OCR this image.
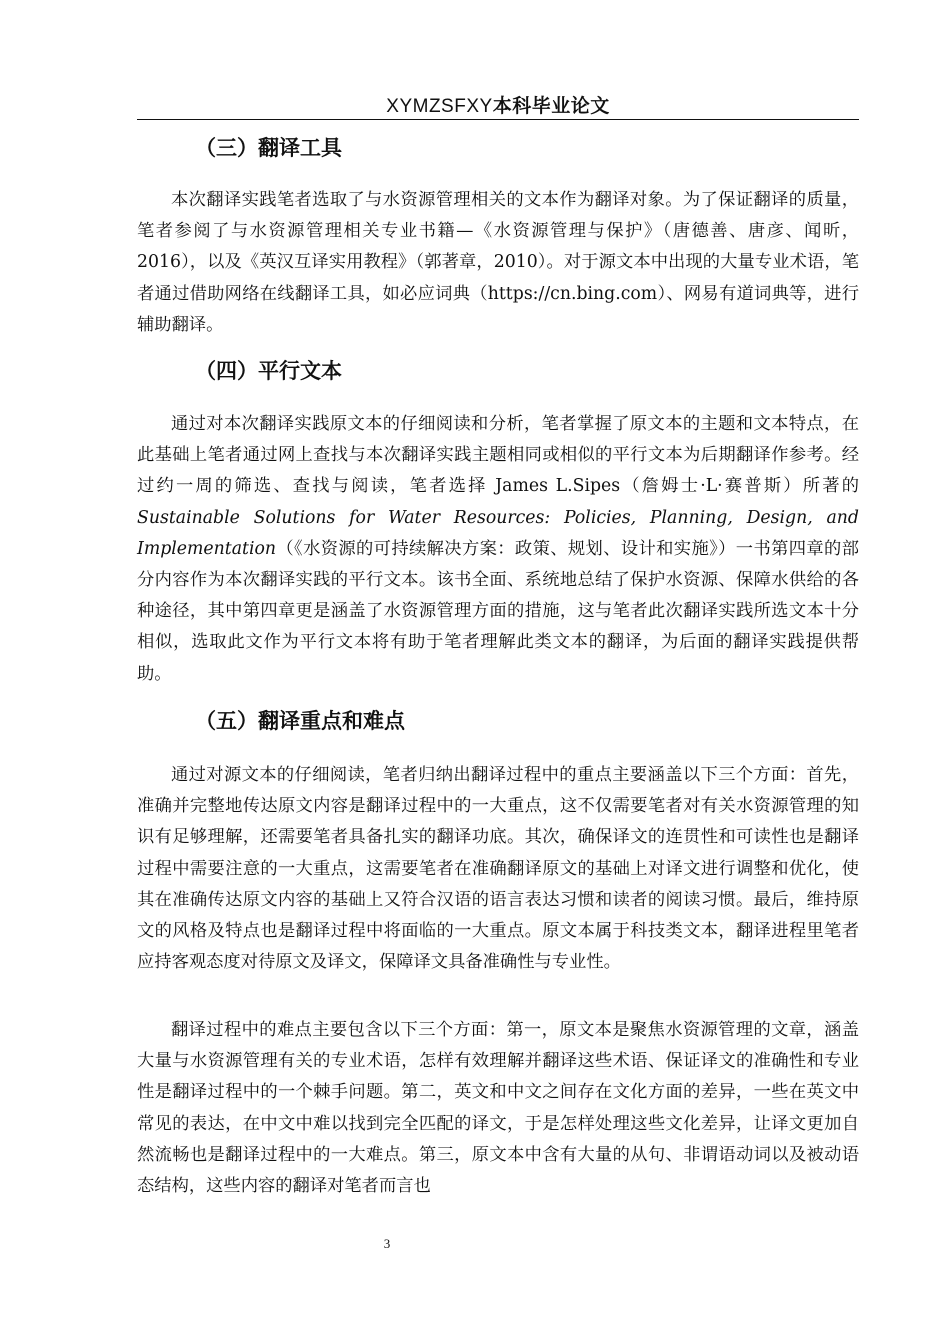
XYMZSFXY本科毕业论文
（三）翻译工具

本次翻译实践笔者选取了与水资源管理相关的文本作为翻译对象。为了保证翻译的质量，笔者参阅了与水资源管理相关专业书籍—《水资源管理与保护》（唐德善、唐彦、闻昕，2016），以及《英汉互译实用教程》（郭著章，2010）。对于源文本中出现的大量专业术语，笔者通过借助网络在线翻译工具，如必应词典（https://cn.bing.com）、网易有道词典等，进行辅助翻译。

（四）平行文本

通过对本次翻译实践原文本的仔细阅读和分析，笔者掌握了原文本的主题和文本特点，在此基础上笔者通过网上查找与本次翻译实践主题相同或相似的平行文本为后期翻译作参考。经过约一周的筛选、查找与阅读，笔者选择 James L.Sipes（詹姆士·L·赛普斯）所著的 Sustainable Solutions for Water Resources: Policies, Planning, Design, and Implementation（《水资源的可持续解决方案：政策、规划、设计和实施》）一书第四章的部分内容作为本次翻译实践的平行文本。该书全面、系统地总结了保护水资源、保障水供给的各种途径，其中第四章更是涵盖了水资源管理方面的措施，这与笔者此次翻译实践所选文本十分相似，选取此文作为平行文本将有助于笔者理解此类文本的翻译，为后面的翻译实践提供帮助。

（五）翻译重点和难点

通过对源文本的仔细阅读，笔者归纳出翻译过程中的重点主要涵盖以下三个方面：首先，准确并完整地传达原文内容是翻译过程中的一大重点，这不仅需要笔者对有关水资源管理的知识有足够理解，还需要笔者具备扎实的翻译功底。其次，确保译文的连贯性和可读性也是翻译过程中需要注意的一大重点，这需要笔者在准确翻译原文的基础上对译文进行调整和优化，使其在准确传达原文内容的基础上又符合汉语的语言表达习惯和读者的阅读习惯。最后，维持原文的风格及特点也是翻译过程中将面临的一大重点。原文本属于科技类文本，翻译进程里笔者应持客观态度对待原文及译文，保障译文具备准确性与专业性。

翻译过程中的难点主要包含以下三个方面：第一，原文本是聚焦水资源管理的文章，涵盖大量与水资源管理有关的专业术语，怎样有效理解并翻译这些术语、保证译文的准确性和专业性是翻译过程中的一个棘手问题。第二，英文和中文之间存在文化方面的差异，一些在英文中常见的表达，在中文中难以找到完全匹配的译文，于是怎样处理这些文化差异，让译文更加自然流畅也是翻译过程中的一大难点。第三，原文本中含有大量的从句、非谓语动词以及被动语态结构，这些内容的翻译对笔者而言也

3
